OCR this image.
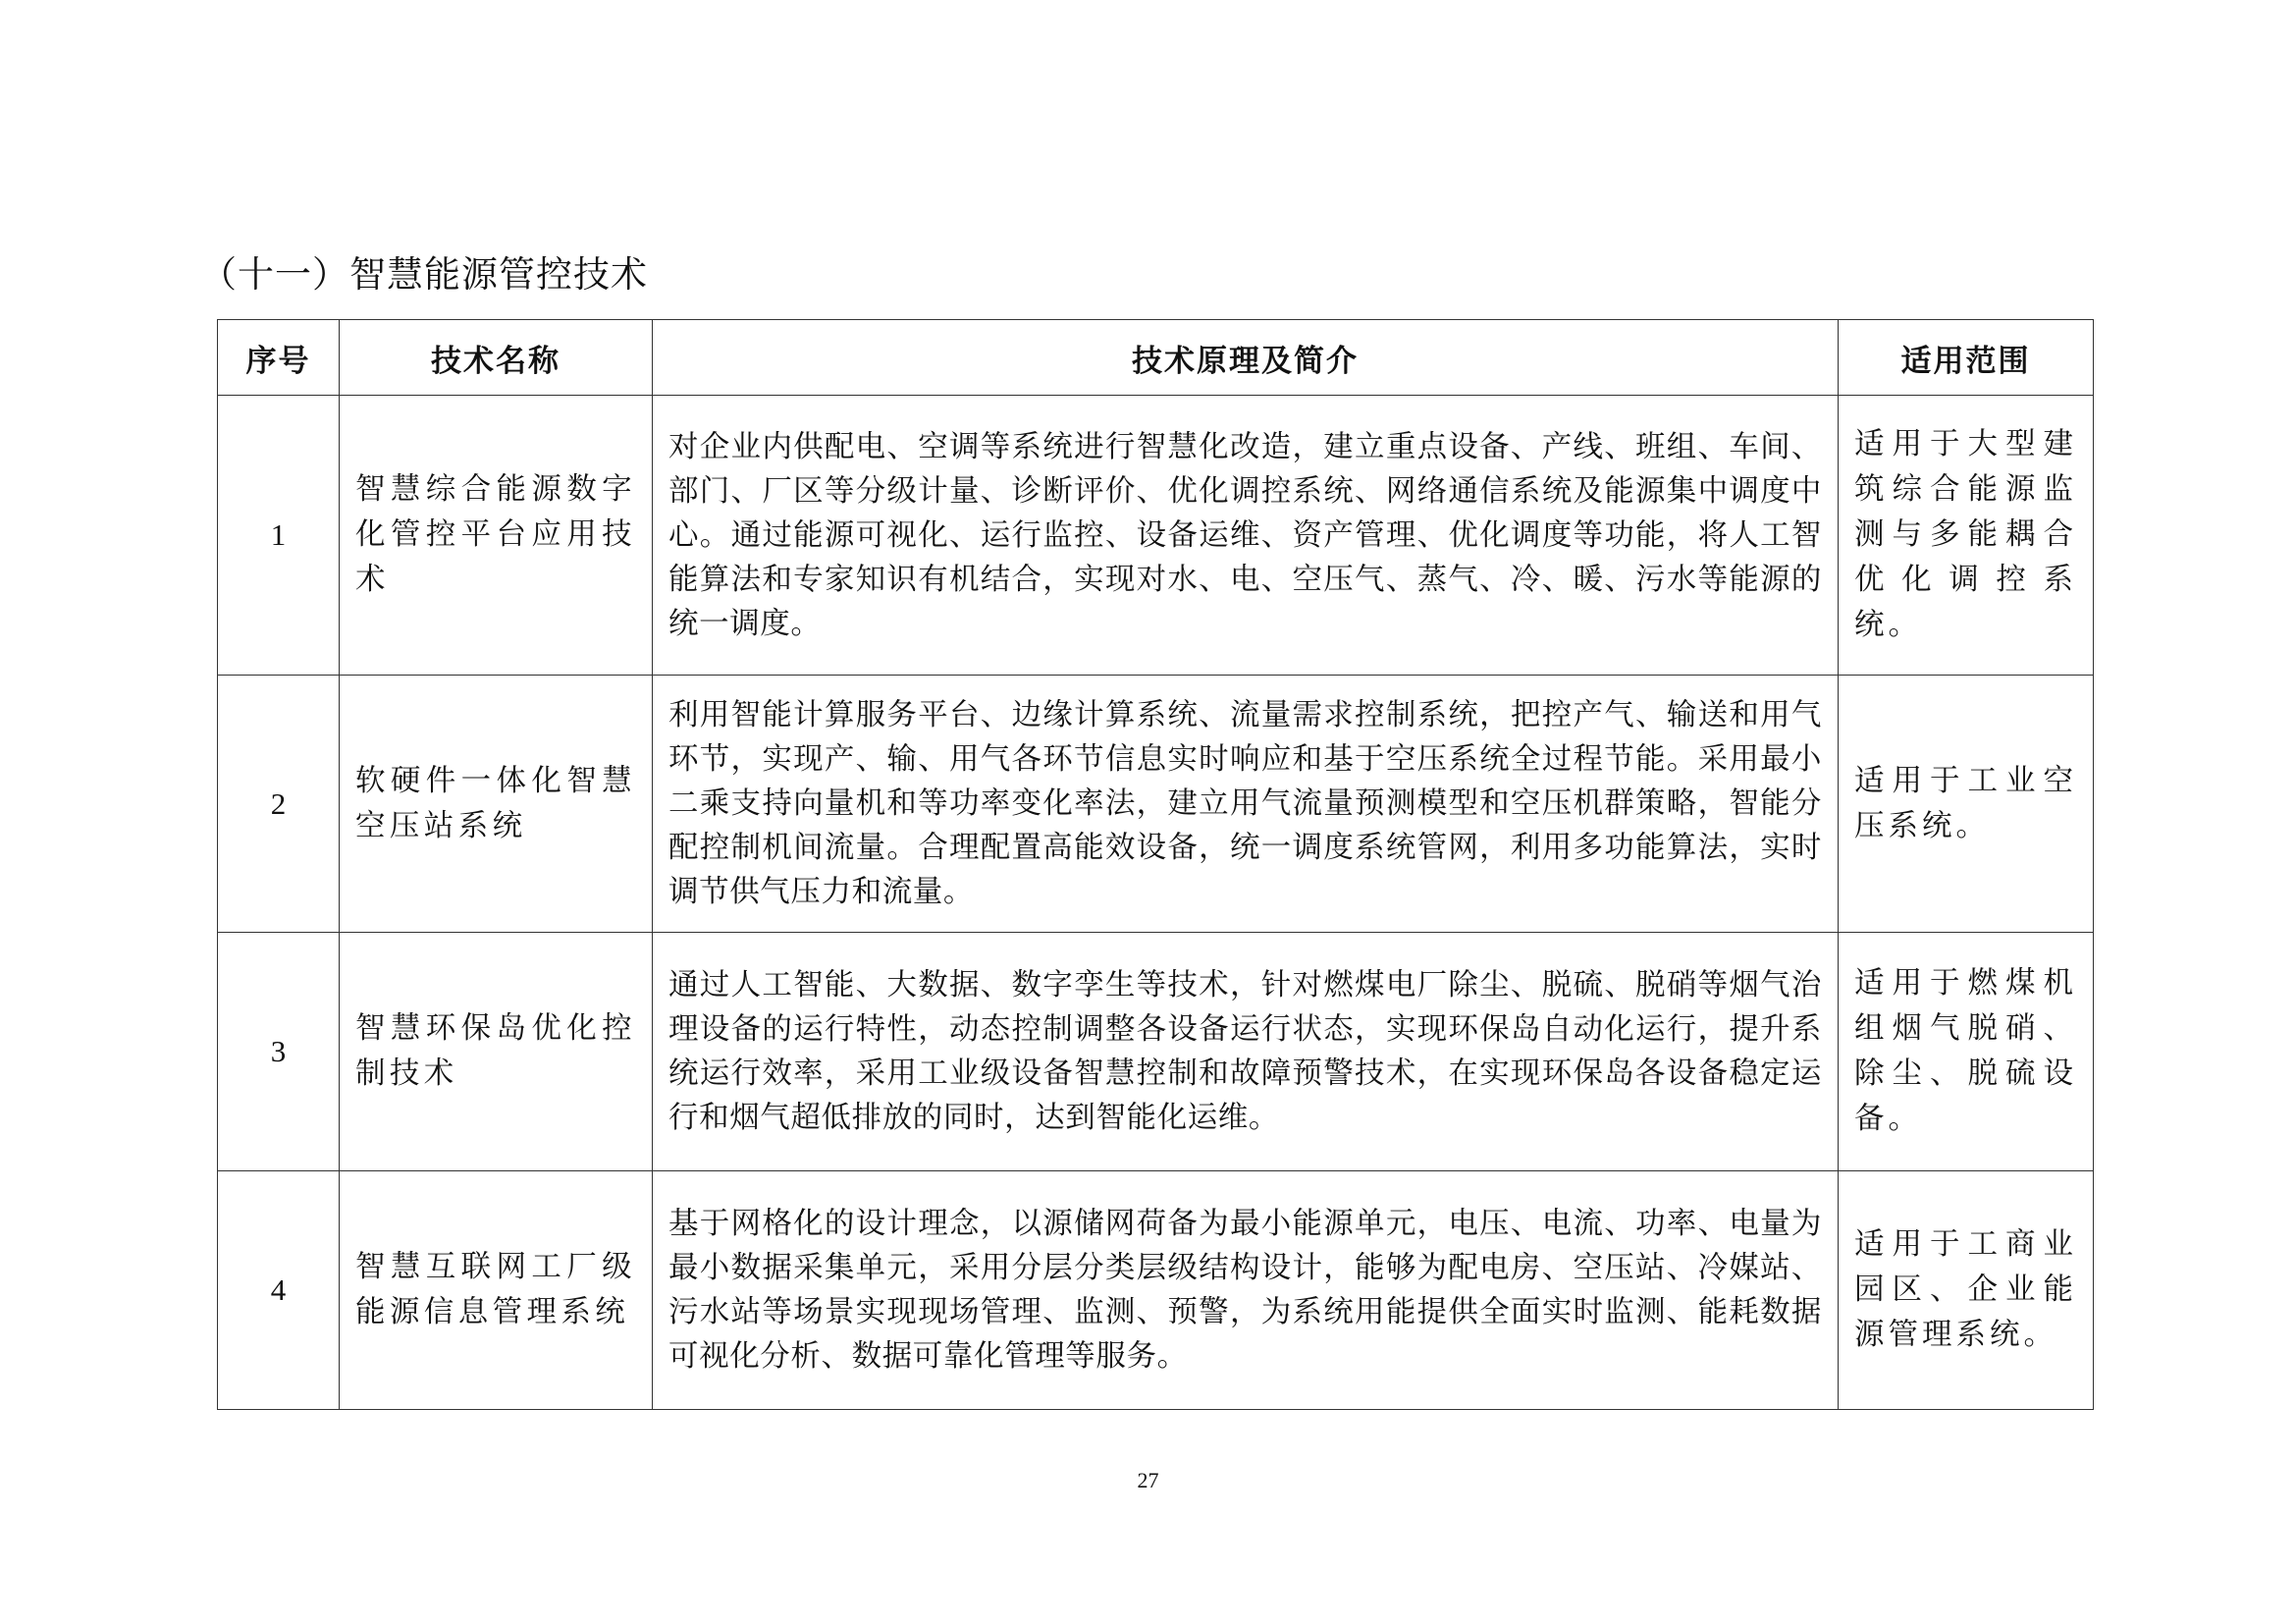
（十一）智慧能源管控技术
序号	技术名称	技术原理及简介	适用范围
1	智慧综合能源数字化管控平台应用技术	对企业内供配电、空调等系统进行智慧化改造，建立重点设备、产线、班组、车间、部门、厂区等分级计量、诊断评价、优化调控系统、网络通信系统及能源集中调度中心。通过能源可视化、运行监控、设备运维、资产管理、优化调度等功能，将人工智能算法和专家知识有机结合，实现对水、电、空压气、蒸气、冷、暖、污水等能源的统一调度。	适用于大型建筑综合能源监测与多能耦合优化调控系统。
2	软硬件一体化智慧空压站系统	利用智能计算服务平台、边缘计算系统、流量需求控制系统，把控产气、输送和用气环节，实现产、输、用气各环节信息实时响应和基于空压系统全过程节能。采用最小二乘支持向量机和等功率变化率法，建立用气流量预测模型和空压机群策略，智能分配控制机间流量。合理配置高能效设备，统一调度系统管网，利用多功能算法，实时调节供气压力和流量。	适用于工业空压系统。
3	智慧环保岛优化控制技术	通过人工智能、大数据、数字孪生等技术，针对燃煤电厂除尘、脱硫、脱硝等烟气治理设备的运行特性，动态控制调整各设备运行状态，实现环保岛自动化运行，提升系统运行效率，采用工业级设备智慧控制和故障预警技术，在实现环保岛各设备稳定运行和烟气超低排放的同时，达到智能化运维。	适用于燃煤机组烟气脱硝、除尘、脱硫设备。
4	智慧互联网工厂级能源信息管理系统	基于网格化的设计理念，以源储网荷备为最小能源单元，电压、电流、功率、电量为最小数据采集单元，采用分层分类层级结构设计，能够为配电房、空压站、冷媒站、污水站等场景实现现场管理、监测、预警，为系统用能提供全面实时监测、能耗数据可视化分析、数据可靠化管理等服务。	适用于工商业园区、企业能源管理系统。
27
